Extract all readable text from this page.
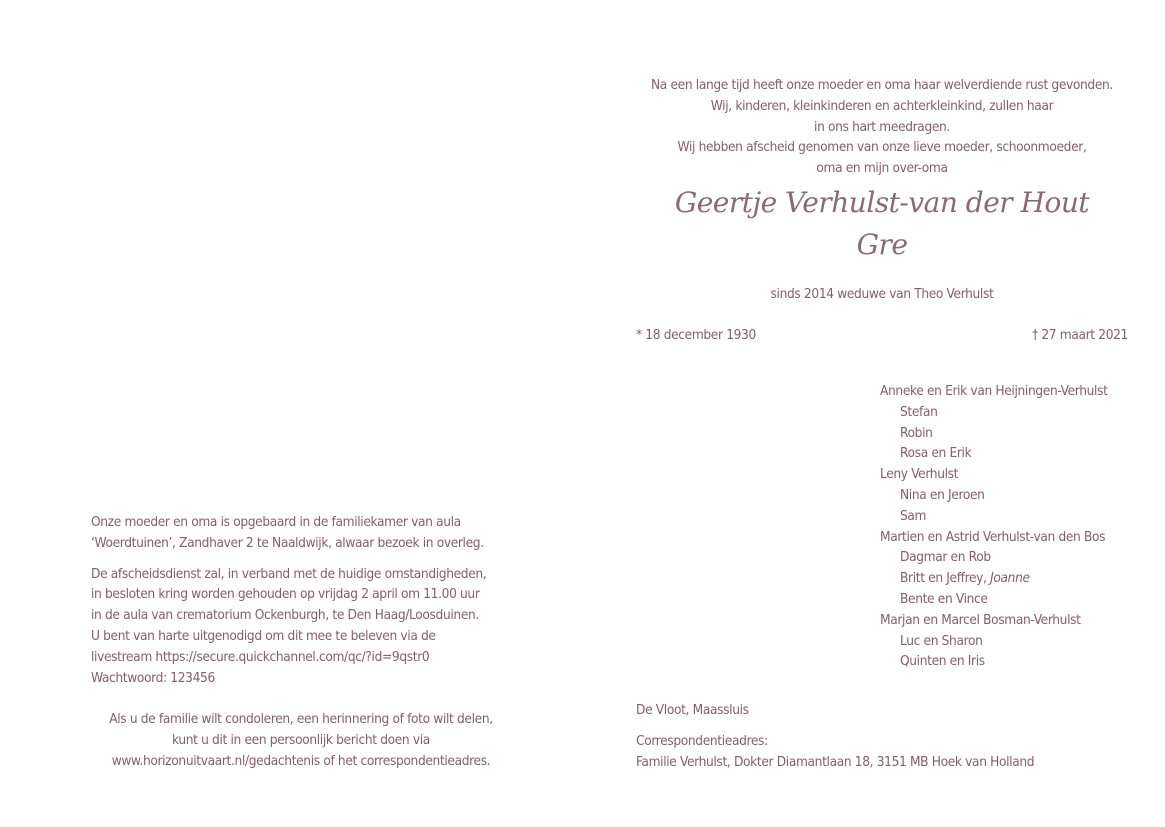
Onze moeder en oma is opgebaard in de familiekamer van aula

‘Woerdtuinen’, Zandhaver 2 te Naaldwijk, alwaar bezoek in overleg.

De afscheidsdienst zal, in verband met de huidige omstandigheden,

in besloten kring worden gehouden op vrijdag 2 april om 11.00 uur

in de aula van crematorium Ockenburgh, te Den Haag/Loosduinen.

U bent van harte uitgenodigd om dit mee te beleven via de

livestream https://secure.quickchannel.com/qc/?id=9qstr0

Wachtwoord: 123456

Als u de familie wilt condoleren, een herinnering of foto wilt delen,

kunt u dit in een persoonlijk bericht doen via

www.horizonuitvaart.nl/gedachtenis of het correspondentieadres.

Na een lange tijd heeft onze moeder en oma haar welverdiende rust gevonden.
Wij, kinderen, kleinkinderen en achterkleinkind, zullen haar
in ons hart meedragen.
Wij hebben afscheid genomen van onze lieve moeder, schoonmoeder,
oma en mijn over-oma
Geertje Verhulst-van der Hout
Gre
sinds 2014 weduwe van Theo Verhulst
* 18 december 1930	† 27 maart 2021
Anneke en Erik van Heijningen-Verhulst
Stefan
Robin
Rosa en Erik
Leny Verhulst
Nina en Jeroen
Sam
Martien en Astrid Verhulst-van den Bos
Dagmar en Rob
Britt en Jeffrey, Joanne
Bente en Vince
Marjan en Marcel Bosman-Verhulst
Luc en Sharon
Quinten en Iris
De Vloot, Maassluis
Correspondentieadres:
Familie Verhulst, Dokter Diamantlaan 18, 3151 MB Hoek van Holland
